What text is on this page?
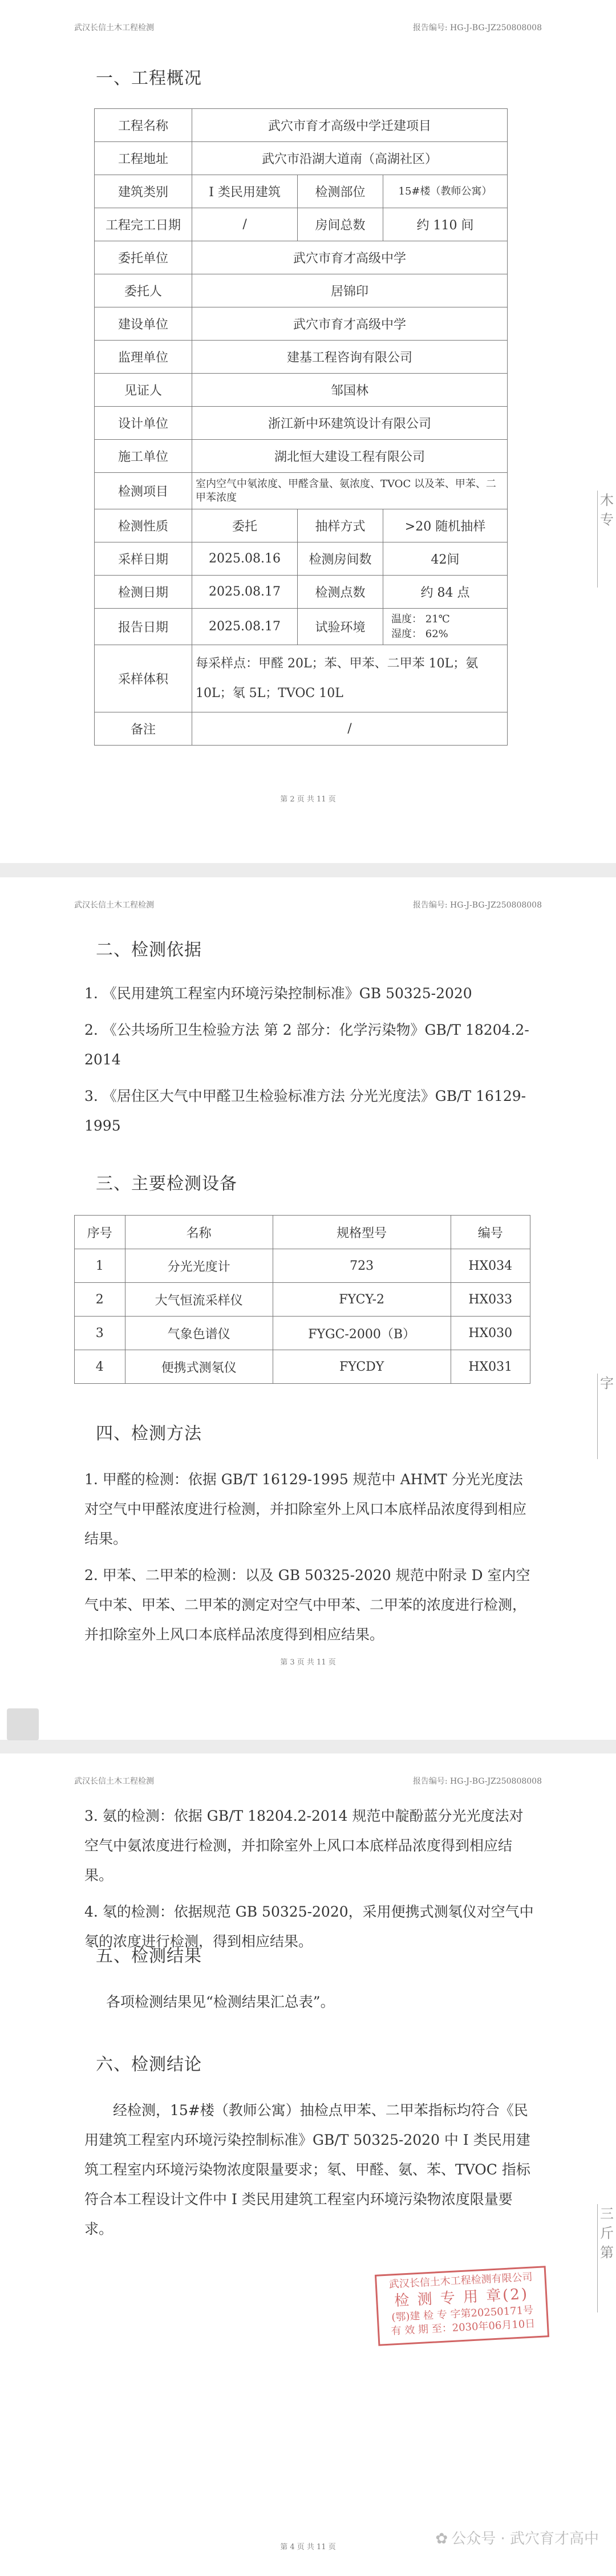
武汉长信土木工程检测	报告编号: HG-J-BG-JZ250808008
一、工程概况
工程名称	武穴市育才高级中学迁建项目		
工程地址	武穴市沿湖大道南（高湖社区）		
建筑类别	I 类民用建筑	检测部位	15#楼（教师公寓）
工程完工日期	/	房间总数	约 110 间
委托单位	武穴市育才高级中学		
委托人	居锦印		
建设单位	武穴市育才高级中学		
监理单位	建基工程咨询有限公司		
见证人	邹国林		
设计单位	浙江新中环建筑设计有限公司		
施工单位	湖北恒大建设工程有限公司		
检测项目	室内空气中氡浓度、甲醛含量、氨浓度、TVOC 以及苯、甲苯、二甲苯浓度		
检测性质	委托	抽样方式	>20 随机抽样
采样日期	2025.08.16	检测房间数	42间
检测日期	2025.08.17	检测点数	约 84 点
报告日期	2025.08.17	试验环境	温度： 21℃
湿度： 62%

采样体积	每采样点：甲醛 20L；苯、甲苯、二甲苯 10L；氨
10L；氡 5L；TVOC 10L		

备注	/		
木专
第 2 页 共 11 页
武汉长信土木工程检测	报告编号: HG-J-BG-JZ250808008
二、检测依据
1. 《民用建筑工程室内环境污染控制标准》GB 50325-2020
2. 《公共场所卫生检验方法 第 2 部分：化学污染物》GB/T 18204.2-2014
3. 《居住区大气中甲醛卫生检验标准方法 分光光度法》GB/T 16129-1995
三、主要检测设备
序号	名称	规格型号	编号
1	分光光度计	723	HX034
2	大气恒流采样仪	FYCY-2	HX033
3	气象色谱仪	FYGC-2000（B）	HX030
4	便携式测氡仪	FYCDY	HX031
四、检测方法
1. 甲醛的检测：依据 GB/T 16129-1995 规范中 AHMT 分光光度法对空气中甲醛浓度进行检测，并扣除室外上风口本底样品浓度得到相应结果。
2. 甲苯、二甲苯的检测：以及 GB 50325-2020 规范中附录 D 室内空气中苯、甲苯、二甲苯的测定对空气中甲苯、二甲苯的浓度进行检测，并扣除室外上风口本底样品浓度得到相应结果。
字
第 3 页 共 11 页
武汉长信土木工程检测	报告编号: HG-J-BG-JZ250808008
3. 氨的检测：依据 GB/T 18204.2-2014 规范中靛酚蓝分光光度法对空气中氨浓度进行检测，并扣除室外上风口本底样品浓度得到相应结果。
4. 氡的检测：依据规范 GB 50325-2020，采用便携式测氡仪对空气中氡的浓度进行检测，得到相应结果。
五、检测结果
各项检测结果见“检测结果汇总表”。
六、检测结论
经检测，15#楼（教师公寓）抽检点甲苯、二甲苯指标均符合《民用建筑工程室内环境污染控制标准》GB/T 50325-2020 中 I 类民用建筑工程室内环境污染物浓度限量要求；氡、甲醛、氨、苯、TVOC 指标符合本工程设计文件中 I 类民用建筑工程室内环境污染物浓度限量要求。
三斤第
第 4 页 共 11 页
武汉长信土木工程检测有限公司
检 测 专 用 章(2)
(鄂)建 检 专 字第20250171号
有 效 期 至：2030年06月10日
✿ 公众号 · 武穴育才高中
